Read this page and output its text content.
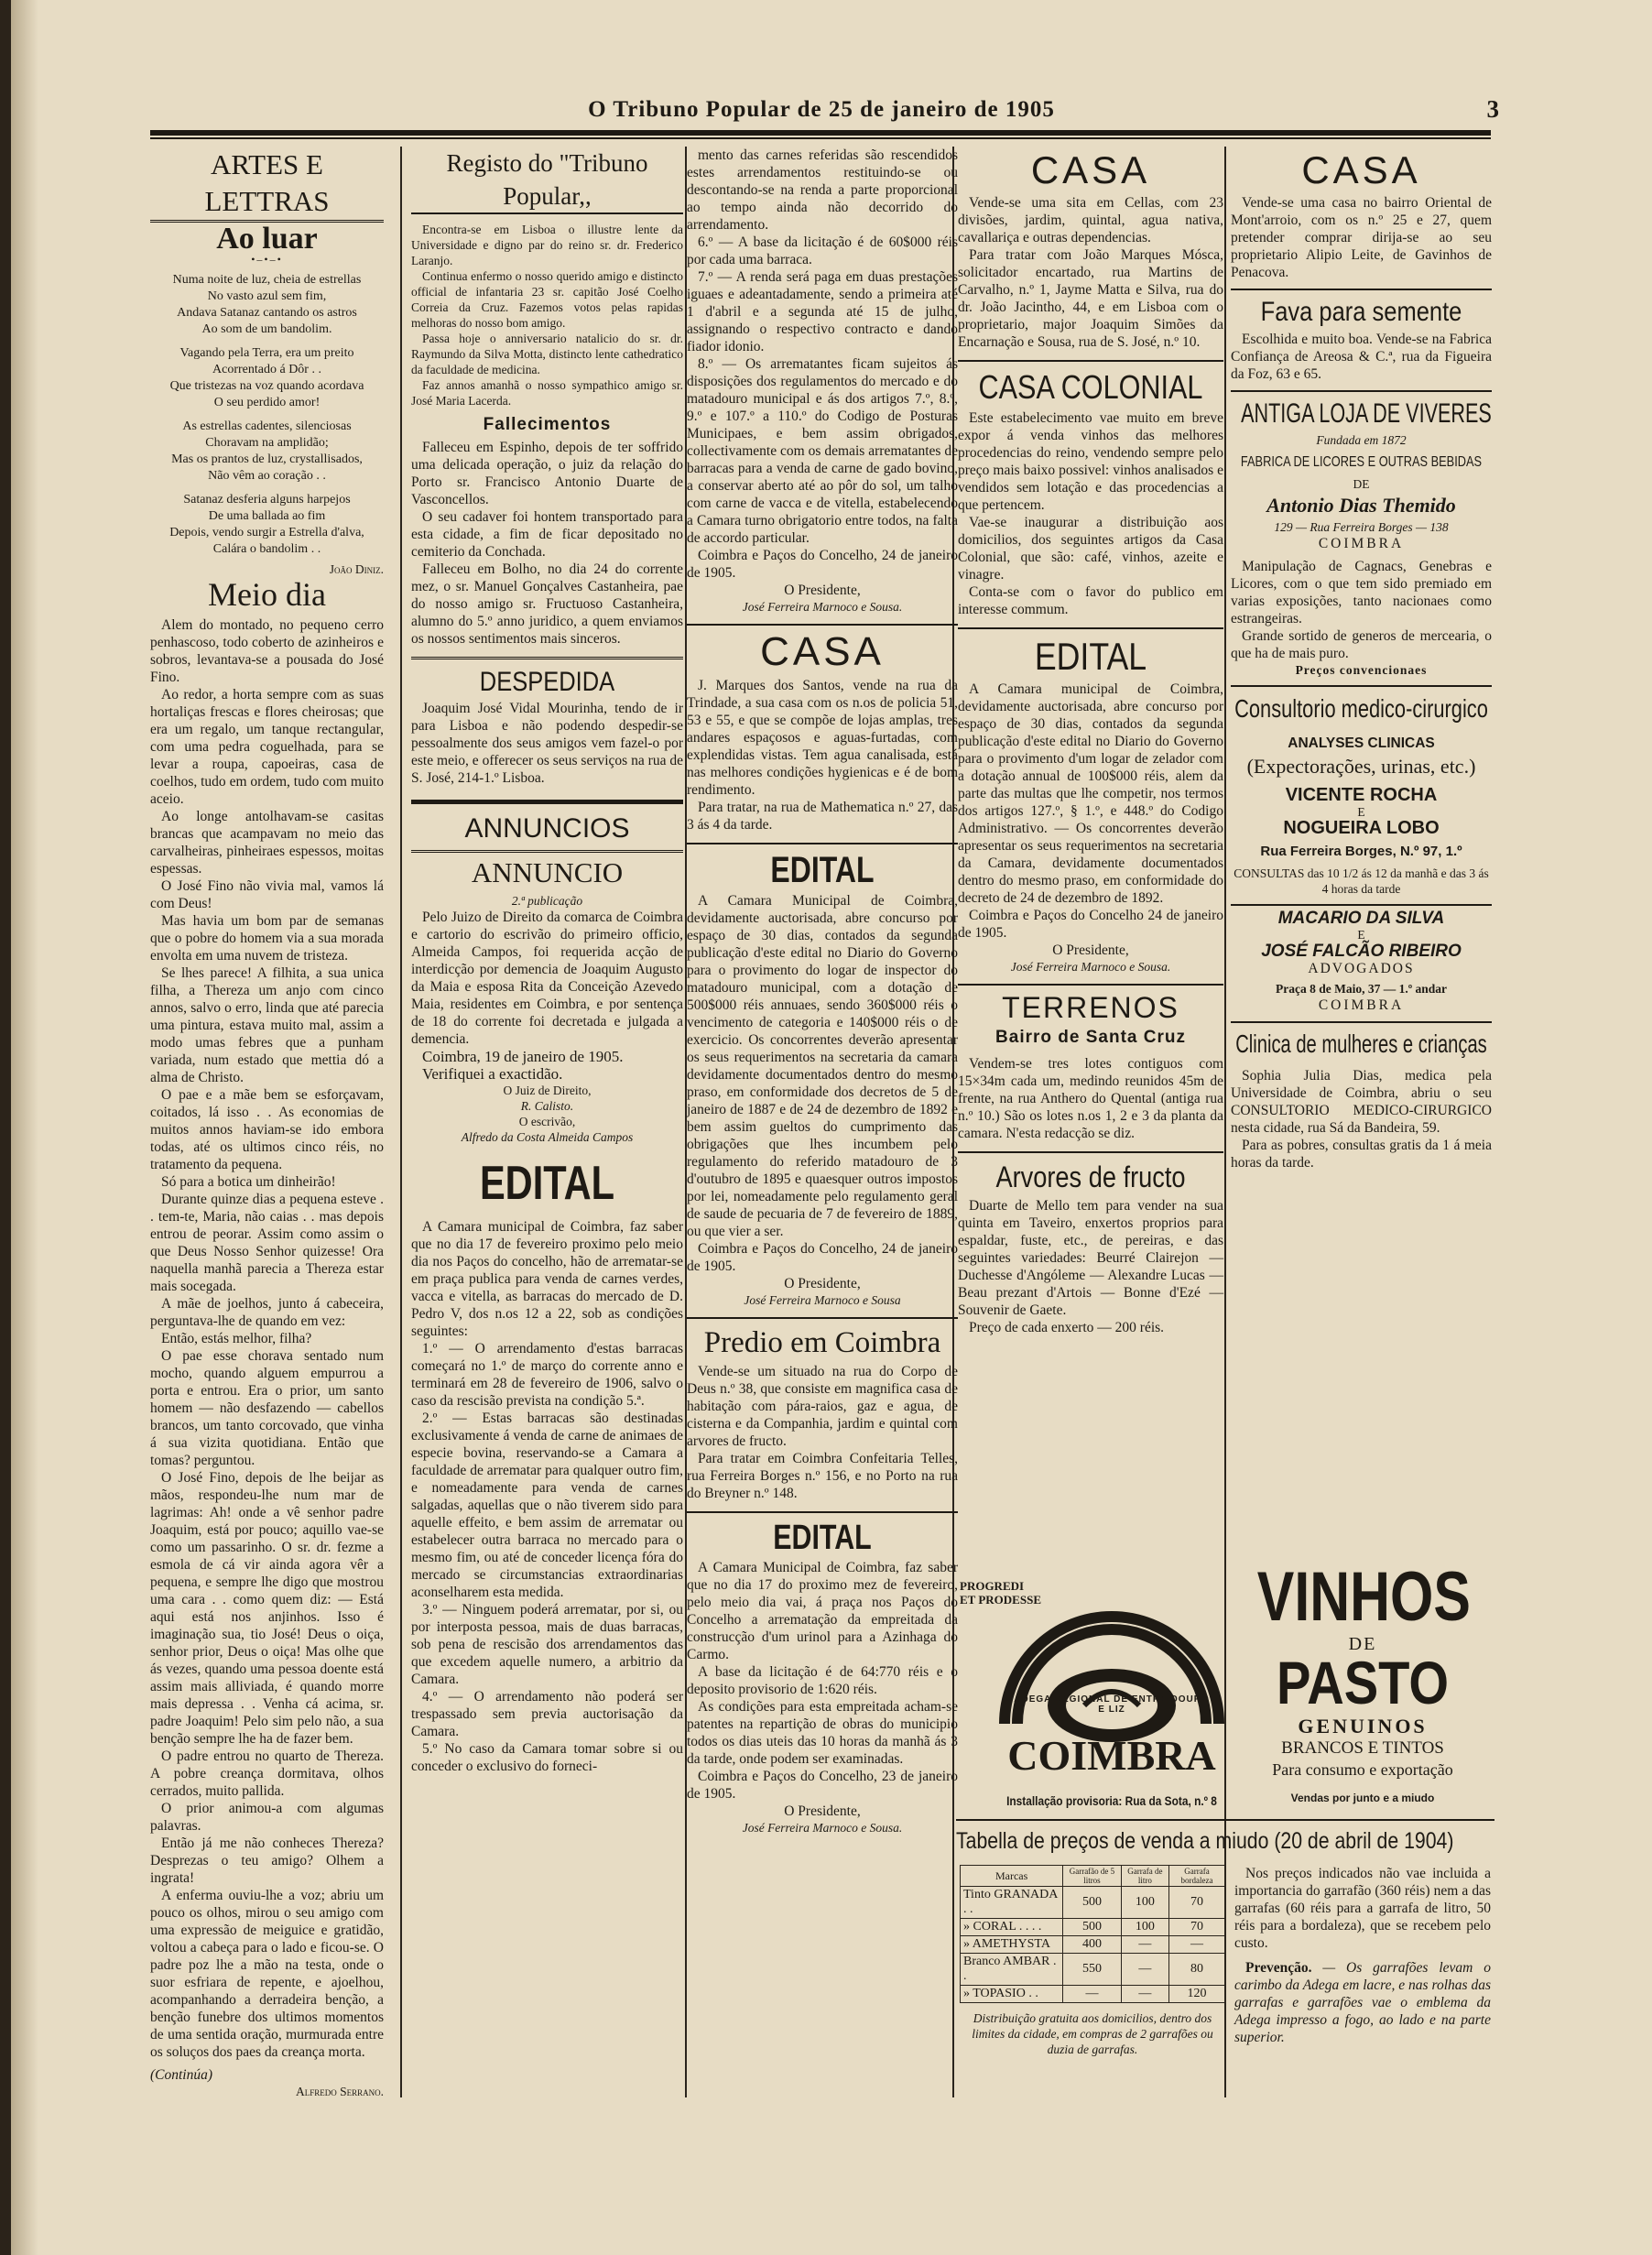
O Tribuno Popular de 25 de janeiro de 1905	3
ARTES E LETTRAS
Ao luar
•–•–•
Numa noite de luz, cheia de estrellas
No vasto azul sem fim,
Andava Satanaz cantando os astros
Ao som de um bandolim.

Vagando pela Terra, era um preito
Acorrentado á Dôr . .
Que tristezas na voz quando acordava
O seu perdido amor!

As estrellas cadentes, silenciosas
Choravam na amplidão;
Mas os prantos de luz, crystallisados,
Não vêm ao coração . .

Satanaz desferia alguns harpejos
De uma ballada ao fim
Depois, vendo surgir a Estrella d'alva,
Calára o bandolim . .
João Diniz.
Meio dia

Alem do montado, no pequeno cerro penhascoso, todo coberto de azinheiros e sobros, levantava-se a pousada do José Fino.

Ao redor, a horta sempre com as suas hortaliças frescas e flores cheirosas; que era um regalo, um tanque rectangular, com uma pedra coguelhada, para se levar a roupa, capoeiras, casa de coelhos, tudo em ordem, tudo com muito aceio.

Ao longe antolhavam-se casitas brancas que acampavam no meio das carvalheiras, pinheiraes espessos, moitas espessas.

O José Fino não vivia mal, vamos lá com Deus!

Mas havia um bom par de semanas que o pobre do homem via a sua morada envolta em uma nuvem de tristeza.

Se lhes parece! A filhita, a sua unica filha, a Thereza um anjo com cinco annos, salvo o erro, linda que até parecia uma pintura, estava muito mal, assim a modo umas febres que a punham variada, num estado que mettia dó a alma de Christo.

O pae e a mãe bem se esforçavam, coitados, lá isso . . As economias de muitos annos haviam-se ido embora todas, até os ultimos cinco réis, no tratamento da pequena.

Só para a botica um dinheirão!

Durante quinze dias a pequena esteve . . tem-te, Maria, não caias . . mas depois entrou de peorar. Assim como assim o que Deus Nosso Senhor quizesse! Ora naquella manhã parecia a Thereza estar mais socegada.

A mãe de joelhos, junto á cabeceira, perguntava-lhe de quando em vez:

Então, estás melhor, filha?

O pae esse chorava sentado num mocho, quando alguem empurrou a porta e entrou. Era o prior, um santo homem — não desfazendo — cabellos brancos, um tanto corcovado, que vinha á sua vizita quotidiana. Então que tomas? perguntou.

O José Fino, depois de lhe beijar as mãos, respondeu-lhe num mar de lagrimas: Ah! onde a vê senhor padre Joaquim, está por pouco; aquillo vae-se como um passarinho. O sr. dr. fezme a esmola de cá vir ainda agora vêr a pequena, e sempre lhe digo que mostrou uma cara . . como quem diz: — Está aqui está nos anjinhos. Isso é imaginação sua, tio José! Deus o oiça, senhor prior, Deus o oiça! Mas olhe que ás vezes, quando uma pessoa doente está assim mais alliviada, é quando morre mais depressa . . Venha cá acima, sr. padre Joaquim! Pelo sim pelo não, a sua benção sempre lhe ha de fazer bem.

O padre entrou no quarto de Thereza. A pobre creança dormitava, olhos cerrados, muito pallida.

O prior animou-a com algumas palavras.

Então já me não conheces Thereza? Desprezas o teu amigo? Olhem a ingrata!

A enferma ouviu-lhe a voz; abriu um pouco os olhos, mirou o seu amigo com uma expressão de meiguice e gratidão, voltou a cabeça para o lado e ficou-se. O padre poz lhe a mão na testa, onde o suor esfriara de repente, e ajoelhou, acompanhando a derradeira benção, a benção funebre dos ultimos momentos de uma sentida oração, murmurada entre os soluços dos paes da creança morta.

(Continúa)
Alfredo Serrano.
Registo do "Tribuno Popular,,

Encontra-se em Lisboa o illustre lente da Universidade e digno par do reino sr. dr. Frederico Laranjo.

Continua enfermo o nosso querido amigo e distincto official de infantaria 23 sr. capitão José Coelho Correia da Cruz. Fazemos votos pelas rapidas melhoras do nosso bom amigo.

Passa hoje o anniversario natalicio do sr. dr. Raymundo da Silva Motta, distincto lente cathedratico da faculdade de medicina.

Faz annos amanhã o nosso sympathico amigo sr. José Maria Lacerda.

Fallecimentos

Falleceu em Espinho, depois de ter soffrido uma delicada operação, o juiz da relação do Porto sr. Francisco Antonio Duarte de Vasconcellos.

O seu cadaver foi hontem transportado para esta cidade, a fim de ficar depositado no cemiterio da Conchada.

Falleceu em Bolho, no dia 24 do corrente mez, o sr. Manuel Gonçalves Castanheira, pae do nosso amigo sr. Fructuoso Castanheira, alumno do 5.º anno juridico, a quem enviamos os nossos sentimentos mais sinceros.

DESPEDIDA

Joaquim José Vidal Mourinha, tendo de ir para Lisboa e não podendo despedir-se pessoalmente dos seus amigos vem fazel-o por este meio, e offerecer os seus serviços na rua de S. José, 214-1.º Lisboa.

ANNUNCIOS
ANNUNCIO
2.ª publicação

Pelo Juizo de Direito da comarca de Coimbra e cartorio do escrivão do primeiro officio, Almeida Campos, foi requerida acção de interdicção por demencia de Joaquim Augusto da Maia e esposa Rita da Conceição Azevedo Maia, residentes em Coimbra, e por sentença de 18 do corrente foi decretada e julgada a demencia.

Coimbra, 19 de janeiro de 1905.

Verifiquei a exactidão.

O Juiz de Direito,
R. Calisto.
O escrivão,
Alfredo da Costa Almeida Campos
EDITAL

A Camara municipal de Coimbra, faz saber que no dia 17 de fevereiro proximo pelo meio dia nos Paços do concelho, hão de arrematar-se em praça publica para venda de carnes verdes, vacca e vitella, as barracas do mercado de D. Pedro V, dos n.os 12 a 22, sob as condições seguintes:

1.º — O arrendamento d'estas barracas começará no 1.º de março do corrente anno e terminará em 28 de fevereiro de 1906, salvo o caso da rescisão prevista na condição 5.ª.

2.º — Estas barracas são destinadas exclusivamente á venda de carne de animaes de especie bovina, reservando-se a Camara a faculdade de arrematar para qualquer outro fim, e nomeadamente para venda de carnes salgadas, aquellas que o não tiverem sido para aquelle effeito, e bem assim de arrematar ou estabelecer outra barraca no mercado para o mesmo fim, ou até de conceder licença fóra do mercado se circumstancias extraordinarias aconselharem esta medida.

3.º — Ninguem poderá arrematar, por si, ou por interposta pessoa, mais de duas barracas, sob pena de rescisão dos arrendamentos das que excedem aquelle numero, a arbitrio da Camara.

4.º — O arrendamento não poderá ser trespassado sem previa auctorisação da Camara.

5.º No caso da Camara tomar sobre si ou conceder o exclusivo do forneci-

mento das carnes referidas são rescendidos estes arrendamentos restituindo-se ou descontando-se na renda a parte proporcional ao tempo ainda não decorrido do arrendamento.

6.º — A base da licitação é de 60$000 réis por cada uma barraca.

7.º — A renda será paga em duas prestações iguaes e adeantadamente, sendo a primeira até 1 d'abril e a segunda até 15 de julho, assignando o respectivo contracto e dando fiador idonio.

8.º — Os arrematantes ficam sujeitos ás disposições dos regulamentos do mercado e do matadouro municipal e ás dos artigos 7.º, 8.º, 9.º e 107.º a 110.º do Codigo de Posturas Municipaes, e bem assim obrigados, collectivamente com os demais arrematantes de barracas para a venda de carne de gado bovino, a conservar aberto até ao pôr do sol, um talho com carne de vacca e de vitella, estabelecendo a Camara turno obrigatorio entre todos, na falta de accordo particular.

Coimbra e Paços do Concelho, 24 de janeiro de 1905.

O Presidente,
José Ferreira Marnoco e Sousa.
CASA

J. Marques dos Santos, vende na rua da Trindade, a sua casa com os n.os de policia 51, 53 e 55, e que se compõe de lojas amplas, tres andares espaçosos e aguas-furtadas, com explendidas vistas. Tem agua canalisada, está nas melhores condições hygienicas e é de bom rendimento.

Para tratar, na rua de Mathematica n.º 27, das 3 ás 4 da tarde.

EDITAL

A Camara Municipal de Coimbra, devidamente auctorisada, abre concurso por espaço de 30 dias, contados da segunda publicação d'este edital no Diario do Governo para o provimento do logar de inspector do matadouro municipal, com a dotação de 500$000 réis annuaes, sendo 360$000 réis o vencimento de categoria e 140$000 réis o de exercicio. Os concorrentes deverão apresentar os seus requerimentos na secretaria da camara devidamente documentados dentro do mesmo praso, em conformidade dos decretos de 5 de janeiro de 1887 e de 24 de dezembro de 1892 e bem assim gueltos do cumprimento das obrigações que lhes incumbem pelo regulamento do referido matadouro de 3 d'outubro de 1895 e quaesquer outros impostos por lei, nomeadamente pelo regulamento geral de saude de pecuaria de 7 de fevereiro de 1889, ou que vier a ser.

Coimbra e Paços do Concelho, 24 de janeiro de 1905.

O Presidente,
José Ferreira Marnoco e Sousa
Predio em Coimbra

Vende-se um situado na rua do Corpo de Deus n.º 38, que consiste em magnifica casa de habitação com pára-raios, gaz e agua, de cisterna e da Companhia, jardim e quintal com arvores de fructo.

Para tratar em Coimbra Confeitaria Telles, rua Ferreira Borges n.º 156, e no Porto na rua do Breyner n.º 148.

EDITAL

A Camara Municipal de Coimbra, faz saber que no dia 17 do proximo mez de fevereiro, pelo meio dia vai, á praça nos Paços do Concelho a arrematação da empreitada da construcção d'um urinol para a Azinhaga do Carmo.

A base da licitação é de 64:770 réis e o deposito provisorio de 1:620 réis.

As condições para esta empreitada acham-se patentes na repartição de obras do municipio todos os dias uteis das 10 horas da manhã ás 3 da tarde, onde podem ser examinadas.

Coimbra e Paços do Concelho, 23 de janeiro de 1905.

O Presidente,
José Ferreira Marnoco e Sousa.
CASA

Vende-se uma sita em Cellas, com 23 divisões, jardim, quintal, agua nativa, cavallariça e outras dependencias.

Para tratar com João Marques Mósca, solicitador encartado, rua Martins de Carvalho, n.º 1, Jayme Matta e Silva, rua do dr. João Jacintho, 44, e em Lisboa com o proprietario, major Joaquim Simões da Encarnação e Sousa, rua de S. José, n.º 10.

CASA COLONIAL

Este estabelecimento vae muito em breve expor á venda vinhos das melhores procedencias do reino, vendendo sempre pelo preço mais baixo possivel: vinhos analisados e vendidos sem lotação e das procedencias a que pertencem.

Vae-se inaugurar a distribuição aos domicilios, dos seguintes artigos da Casa Colonial, que são: café, vinhos, azeite e vinagre.

Conta-se com o favor do publico em interesse commum.

EDITAL

A Camara municipal de Coimbra, devidamente auctorisada, abre concurso por espaço de 30 dias, contados da segunda publicação d'este edital no Diario do Governo para o provimento d'um logar de zelador com a dotação annual de 100$000 réis, alem da parte das multas que lhe competir, nos termos dos artigos 127.º, § 1.º, e 448.º do Codigo Administrativo. — Os concorrentes deverão apresentar os seus requerimentos na secretaria da Camara, devidamente documentados dentro do mesmo praso, em conformidade do decreto de 24 de dezembro de 1892.

Coimbra e Paços do Concelho 24 de janeiro de 1905.

O Presidente,
José Ferreira Marnoco e Sousa.
TERRENOS
Bairro de Santa Cruz

Vendem-se tres lotes contiguos com 15×34m cada um, medindo reunidos 45m de frente, na rua Anthero do Quental (antiga rua n.º 10.) São os lotes n.os 1, 2 e 3 da planta da camara. N'esta redacção se diz.

Arvores de fructo

Duarte de Mello tem para vender na sua quinta em Taveiro, enxertos proprios para espaldar, fuste, etc., de pereiras, e das seguintes variedades: Beurré Clairejon — Duchesse d'Angóleme — Alexandre Lucas — Beau prezant d'Artois — Bonne d'Ezé — Souvenir de Gaete.

Preço de cada enxerto — 200 réis.

CASA

Vende-se uma casa no bairro Oriental de Mont'arroio, com os n.º 25 e 27, quem pretender comprar dirija-se ao seu proprietario Alipio Leite, de Gavinhos de Penacova.

Fava para semente

Escolhida e muito boa. Vende-se na Fabrica Confiança de Areosa & C.ª, rua da Figueira da Foz, 63 e 65.

ANTIGA LOJA DE VIVERES
Fundada em 1872
FABRICA DE LICORES E OUTRAS BEBIDAS
DE
Antonio Dias Themido
129 — Rua Ferreira Borges — 138
COIMBRA

Manipulação de Cagnacs, Genebras e Licores, com o que tem sido premiado em varias exposições, tanto nacionaes como estrangeiras.

Grande sortido de generos de mercearia, o que ha de mais puro.

Preços convencionaes
Consultorio medico-cirurgico
ANALYSES CLINICAS
(Expectorações, urinas, etc.)
VICENTE ROCHA
E
NOGUEIRA LOBO
Rua Ferreira Borges, N.º 97, 1.º
CONSULTAS das 10 1/2 ás 12 da manhã e das 3 ás 4 horas da tarde
MACARIO DA SILVA
E
JOSÉ FALCÃO RIBEIRO
ADVOGADOS
Praça 8 de Maio, 37 — 1.º andar
COIMBRA
Clinica de mulheres e crianças

Sophia Julia Dias, medica pela Universidade de Coimbra, abriu o seu CONSULTORIO MEDICO-CIRURGICO nesta cidade, rua Sá da Bandeira, 59.

Para as pobres, consultas gratis da 1 á meia horas da tarde.

PROGREDI ET PRODESSE
ADEGA REGIONAL DE ENTRE DOURO E LIZ
COIMBRA
Installação provisoria: Rua da Sota, n.º 8
VINHOS
DE
PASTO
GENUINOS
BRANCOS E TINTOS
Para consumo e exportação
Vendas por junto e a miudo
Tabella de preços de venda a miudo (20 de abril de 1904)
Marcas	Garrafão de 5 litros	Garrafa de litro	Garrafa bordaleza
Tinto GRANADA . .	500	100	70
» CORAL . . . .	500	100	70
» AMETHYSTA	400	—	—
Branco AMBAR . .	550	—	80
» TOPASIO . .	—	—	120
Distribuição gratuita aos domicilios, dentro dos limites da cidade, em compras de 2 garrafões ou duzia de garrafas.

Nos preços indicados não vae incluida a importancia do garrafão (360 réis) nem a das garrafas (60 réis para a garrafa de litro, 50 réis para a bordaleza), que se recebem pelo custo.

Prevenção. — Os garrafões levam o carimbo da Adega em lacre, e nas rolhas das garrafas e garrafões vae o emblema da Adega impresso a fogo, ao lado e na parte superior.
